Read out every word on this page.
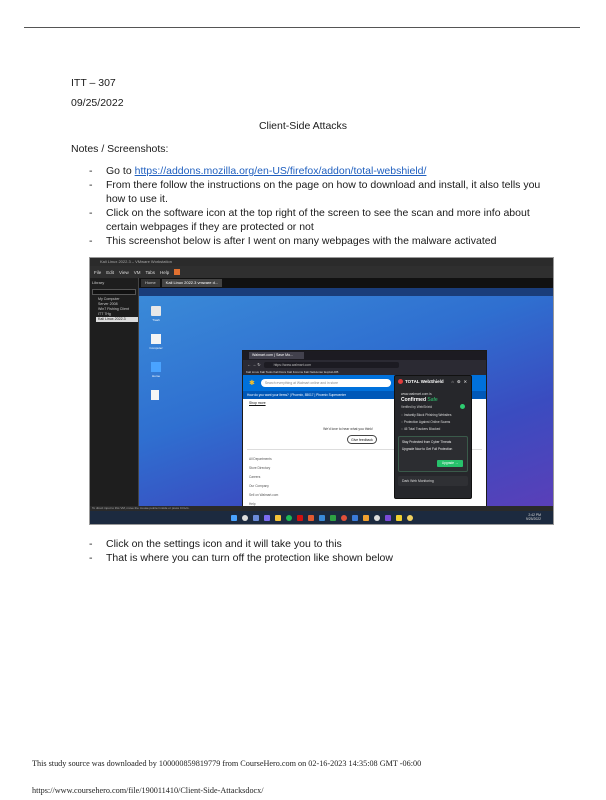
ITT – 307
09/25/2022
Client-Side Attacks
Notes / Screenshots:
- Go to https://addons.mozilla.org/en-US/firefox/addon/total-webshield/
- From there follow the instructions on the page on how to download and install, it also tells you how to use it.
- Click on the software icon at the top right of the screen to see the scan and more info about certain webpages if they are protected or not
- This screenshot below is after I went on many webpages with the malware activated
Kali Linux 2022.3 – VMware Workstation
File Edit View VM Tabs Help
Library
My Computer
Server 2008
Win7 Fishing Client
ITT 7Hg
Kali Linux 2022.3
Home	Kali Linux 2022.3 vmware d...
Trash
Computer
Home
Walmart.com | Save Mo...
← → ↻	https://www.walmart.com
Kali Linux Kali Tools Kali Docs Kali Forums Kali NetHunter Exploit-DB
✱	Search everything at Walmart online and in store
How do you want your items? | Phoenix, 85017 | Phoenix Supercenter
Shop more
We'd love to hear what you think!
Give feedback
All Departments
Store Directory
Careers
Our Company
Sell on Walmart.com
Help
TOTAL WebShield ⌂ ⚙ ✕
www.walmart.com is
Confirmed Safe
Verified by WebShield
○ Instantly Block Phishing Websites
○ Protection Against Online Scams
○ 45 Total Trackers Blocked
Stay Protected from Cyber Threats
Upgrade Now to Get Full Protection
Upgrade →
Dark Web Monitoring
To direct input to this VM, move the mouse pointer inside or press Ctrl+G.

2:42 PM
9/25/2022
- Click on the settings icon and it will take you to this
- That is where you can turn off the protection like shown below
This study source was downloaded by 100000859819779 from CourseHero.com on 02-16-2023 14:35:08 GMT -06:00
https://www.coursehero.com/file/190011410/Client-Side-Attacksdocx/
